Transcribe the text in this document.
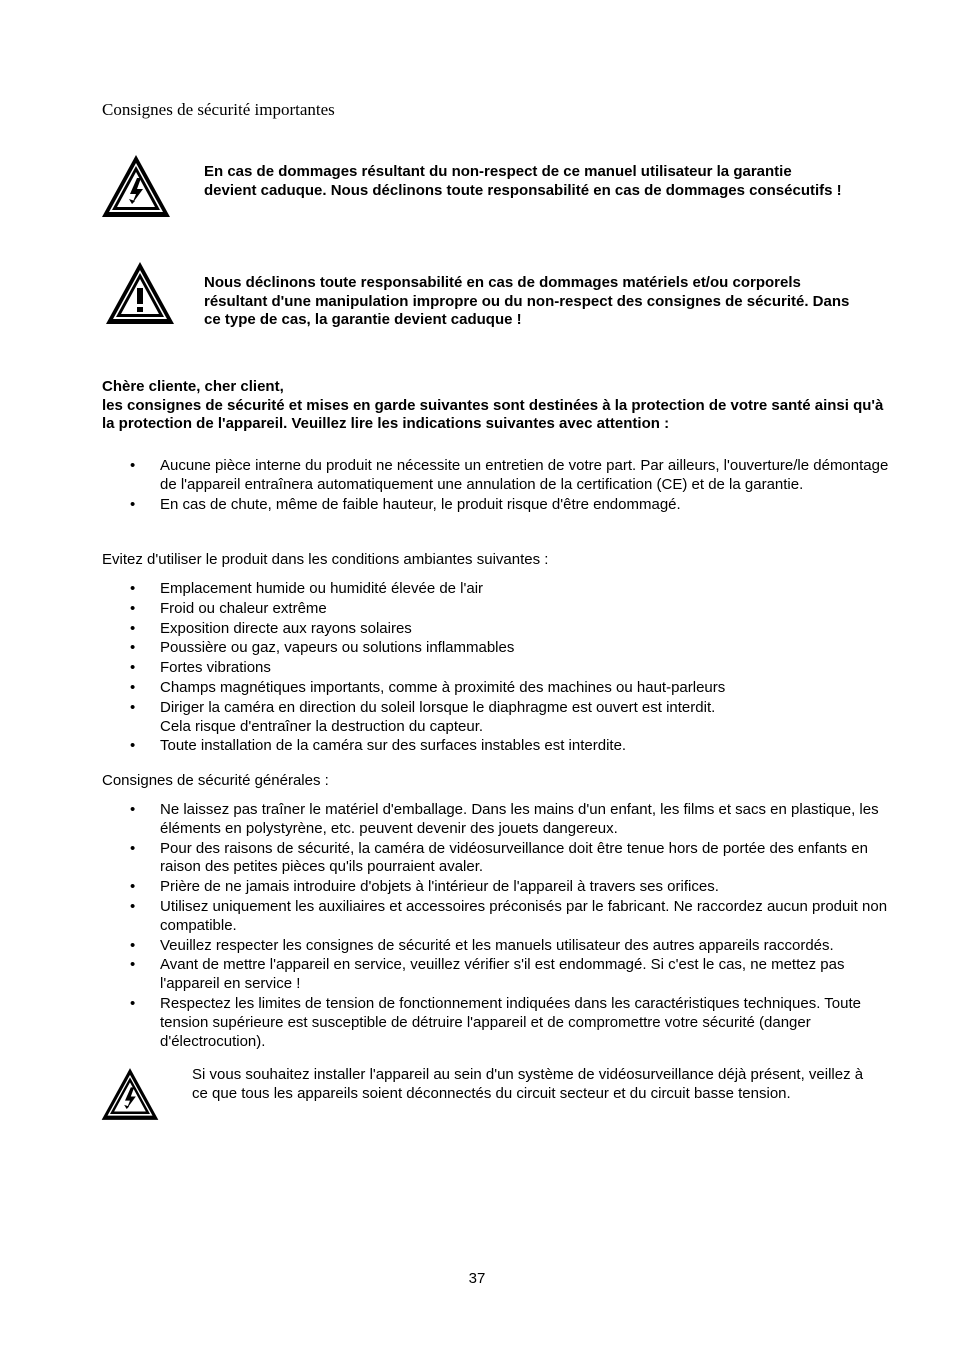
Consignes de sécurité importantes
En cas de dommages résultant du non-respect de ce manuel utilisateur la garantie devient caduque. Nous déclinons toute responsabilité en cas de dommages consécutifs !
Nous déclinons toute responsabilité en cas de dommages matériels et/ou corporels résultant d'une manipulation impropre ou du non-respect des consignes de sécurité. Dans ce type de cas, la garantie devient caduque !
Chère cliente, cher client,
les consignes de sécurité et mises en garde suivantes sont destinées à la protection de votre santé ainsi qu'à la protection de l'appareil. Veuillez lire les indications suivantes avec attention :
• Aucune pièce interne du produit ne nécessite un entretien de votre part. Par ailleurs, l'ouverture/le démontage de l'appareil entraînera automatiquement une annulation de la certification (CE) et de la garantie.
• En cas de chute, même de faible hauteur, le produit risque d'être endommagé.
Evitez d'utiliser le produit dans les conditions ambiantes suivantes :
• Emplacement humide ou humidité élevée de l'air
• Froid ou chaleur extrême
• Exposition directe aux rayons solaires
• Poussière ou gaz, vapeurs ou solutions inflammables
• Fortes vibrations
• Champs magnétiques importants, comme à proximité des machines ou haut-parleurs
• Diriger la caméra en direction du soleil lorsque le diaphragme est ouvert est interdit.
Cela risque d'entraîner la destruction du capteur.
• Toute installation de la caméra sur des surfaces instables est interdite.
Consignes de sécurité générales :
• Ne laissez pas traîner le matériel d'emballage. Dans les mains d'un enfant, les films et sacs en plastique, les éléments en polystyrène, etc. peuvent devenir des jouets dangereux.
• Pour des raisons de sécurité, la caméra de vidéosurveillance doit être tenue hors de portée des enfants en raison des petites pièces qu'ils pourraient avaler.
• Prière de ne jamais introduire d'objets à l'intérieur de l'appareil à travers ses orifices.
• Utilisez uniquement les auxiliaires et accessoires préconisés par le fabricant. Ne raccordez aucun produit non compatible.
• Veuillez respecter les consignes de sécurité et les manuels utilisateur des autres appareils raccordés.
• Avant de mettre l'appareil en service, veuillez vérifier s'il est endommagé. Si c'est le cas, ne mettez pas l'appareil en service !
• Respectez les limites de tension de fonctionnement indiquées dans les caractéristiques techniques. Toute tension supérieure est susceptible de détruire l'appareil et de compromettre votre sécurité (danger d'électrocution).
Si vous souhaitez installer l'appareil au sein d'un système de vidéosurveillance déjà présent, veillez à ce que tous les appareils soient déconnectés du circuit secteur et du circuit basse tension.
37
